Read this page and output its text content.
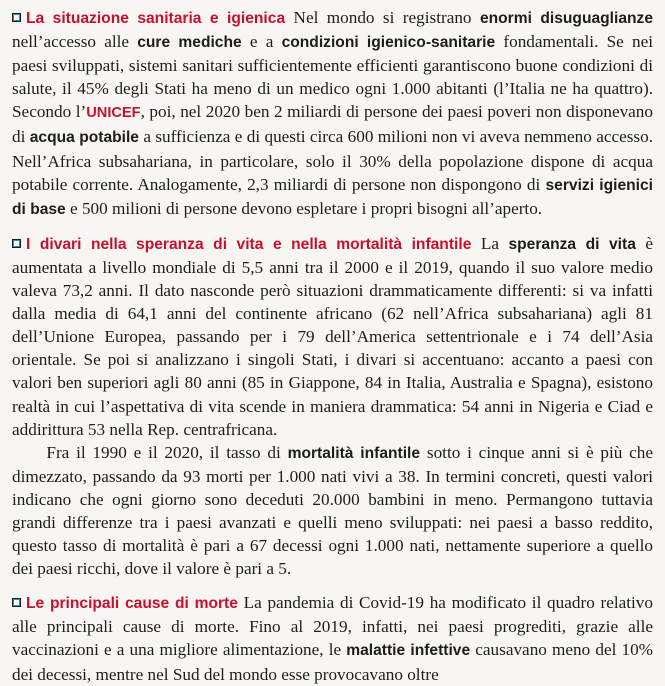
La situazione sanitaria e igienica Nel mondo si registrano enormi disuguaglianze nell’accesso alle cure mediche e a condizioni igienico-sanitarie fondamentali. Se nei paesi sviluppati, sistemi sanitari sufficientemente efficienti garantiscono buone condizioni di salute, il 45% degli Stati ha meno di un medico ogni 1.000 abitanti (l’Italia ne ha quattro). Secondo l’UNICEF, poi, nel 2020 ben 2 miliardi di persone dei paesi poveri non disponevano di acqua potabile a sufficienza e di questi circa 600 milioni non vi aveva nemmeno accesso. Nell’Africa subsahariana, in particolare, solo il 30% della popolazione dispone di acqua potabile corrente. Analogamente, 2,3 miliardi di persone non dispongono di servizi igienici di base e 500 milioni di persone devono espletare i propri bisogni all’aperto.

I divari nella speranza di vita e nella mortalità infantile La speranza di vita è aumentata a livello mondiale di 5,5 anni tra il 2000 e il 2019, quando il suo valore medio valeva 73,2 anni. Il dato nasconde però situazioni drammaticamente differenti: si va infatti dalla media di 64,1 anni del continente africano (62 nell’Africa subsahariana) agli 81 dell’Unione Europea, passando per i 79 dell’America settentrionale e i 74 dell’Asia orientale. Se poi si analizzano i singoli Stati, i divari si accentuano: accanto a paesi con valori ben superiori agli 80 anni (85 in Giappone, 84 in Italia, Australia e Spagna), esistono realtà in cui l’aspettativa di vita scende in maniera drammatica: 54 anni in Nigeria e Ciad e addirittura 53 nella Rep. centrafricana.

Fra il 1990 e il 2020, il tasso di mortalità infantile sotto i cinque anni si è più che dimezzato, passando da 93 morti per 1.000 nati vivi a 38. In termini concreti, questi valori indicano che ogni giorno sono deceduti 20.000 bambini in meno. Permangono tuttavia grandi differenze tra i paesi avanzati e quelli meno sviluppati: nei paesi a basso reddito, questo tasso di mortalità è pari a 67 decessi ogni 1.000 nati, nettamente superiore a quello dei paesi ricchi, dove il valore è pari a 5.

Le principali cause di morte La pandemia di Covid-19 ha modificato il quadro relativo alle principali cause di morte. Fino al 2019, infatti, nei paesi progrediti, grazie alle vaccinazioni e a una migliore alimentazione, le malattie infettive causavano meno del 10% dei decessi, mentre nel Sud del mondo esse provocavano oltre
